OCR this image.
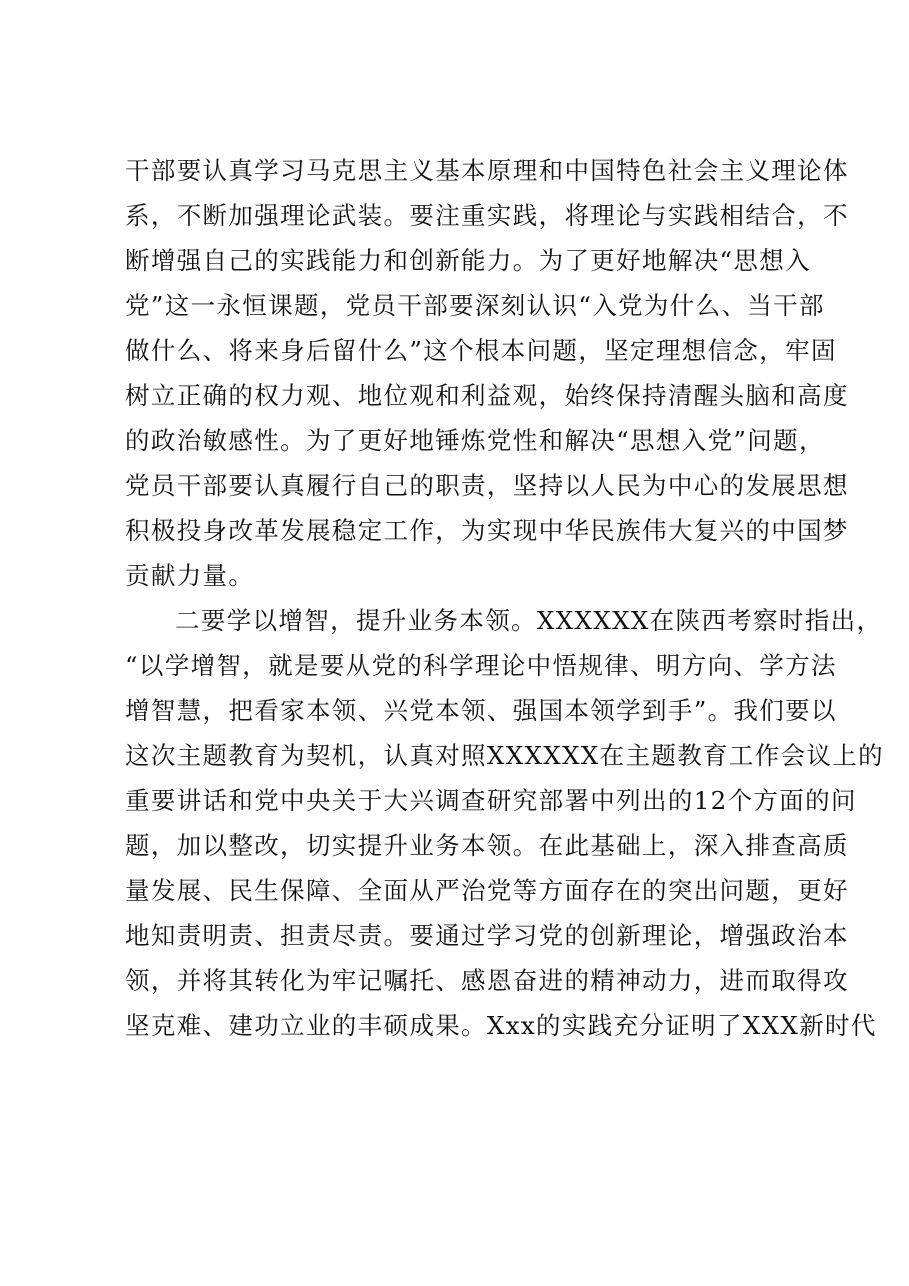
干部要认真学习马克思主义基本原理和中国特色社会主义理论体

系，不断加强理论武装。要注重实践，将理论与实践相结合，不

断增强自己的实践能力和创新能力。为了更好地解决“思想入

党”这一永恒课题，党员干部要深刻认识“入党为什么、当干部

做什么、将来身后留什么”这个根本问题，坚定理想信念，牢固

树立正确的权力观、地位观和利益观，始终保持清醒头脑和高度

的政治敏感性。为了更好地锤炼党性和解决“思想入党”问题，

党员干部要认真履行自己的职责，坚持以人民为中心的发展思想

积极投身改革发展稳定工作，为实现中华民族伟大复兴的中国梦

贡献力量。

二要学以增智，提升业务本领。XXXXXX在陕西考察时指出，

“以学增智，就是要从党的科学理论中悟规律、明方向、学方法

增智慧，把看家本领、兴党本领、强国本领学到手”。我们要以

这次主题教育为契机，认真对照XXXXXX在主题教育工作会议上的

重要讲话和党中央关于大兴调查研究部署中列出的12个方面的问

题，加以整改，切实提升业务本领。在此基础上，深入排查高质

量发展、民生保障、全面从严治党等方面存在的突出问题，更好

地知责明责、担责尽责。要通过学习党的创新理论，增强政治本

领，并将其转化为牢记嘱托、感恩奋进的精神动力，进而取得攻

坚克难、建功立业的丰硕成果。Xxx的实践充分证明了XXX新时代
